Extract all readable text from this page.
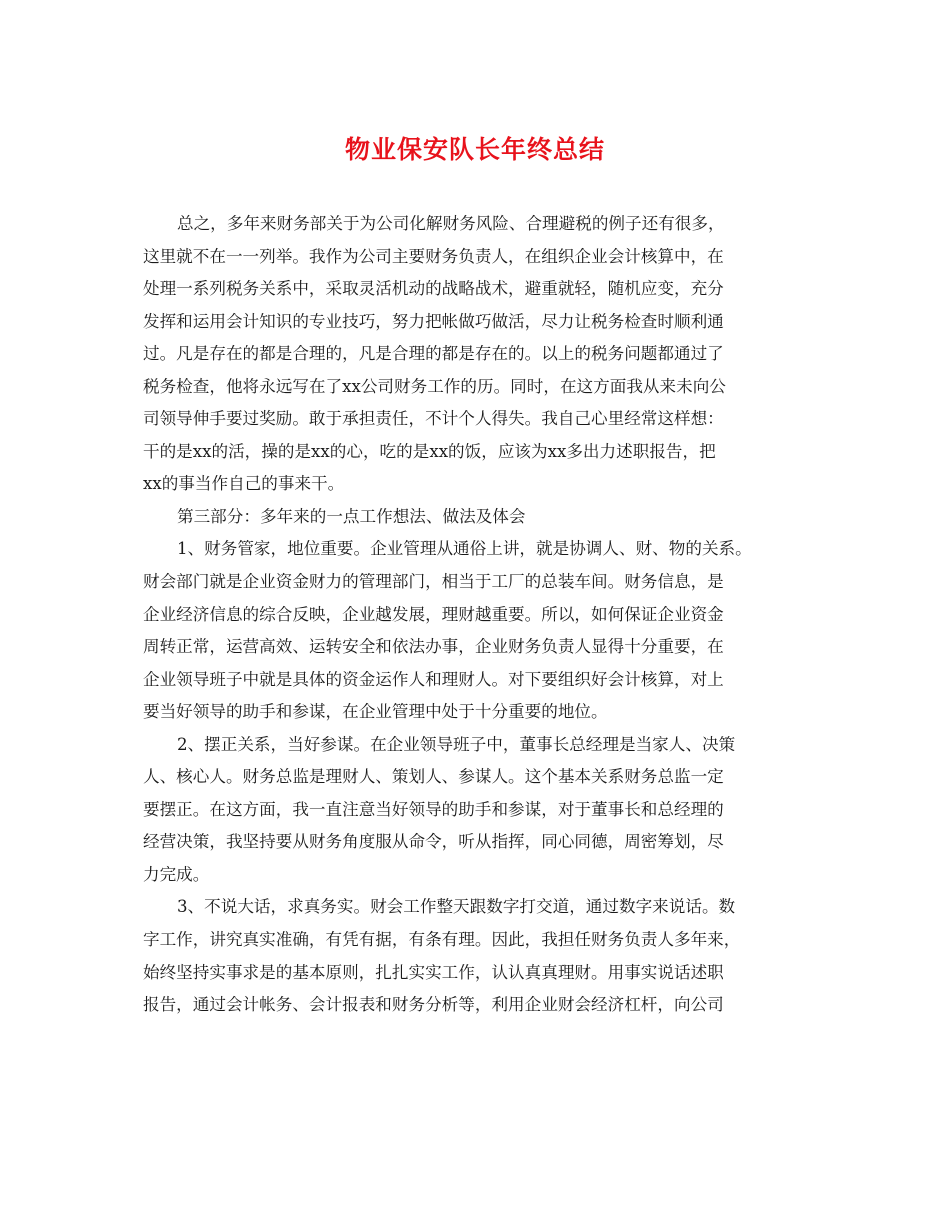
物业保安队长年终总结
总之，多年来财务部关于为公司化解财务风险、合理避税的例子还有很多，
这里就不在一一列举。我作为公司主要财务负责人，在组织企业会计核算中，在
处理一系列税务关系中，采取灵活机动的战略战术，避重就轻，随机应变，充分
发挥和运用会计知识的专业技巧，努力把帐做巧做活，尽力让税务检查时顺利通
过。凡是存在的都是合理的，凡是合理的都是存在的。以上的税务问题都通过了
税务检查，他将永远写在了xx公司财务工作的历。同时，在这方面我从来未向公
司领导伸手要过奖励。敢于承担责任，不计个人得失。我自己心里经常这样想：
干的是xx的活，操的是xx的心，吃的是xx的饭，应该为xx多出力述职报告，把
xx的事当作自己的事来干。
第三部分：多年来的一点工作想法、做法及体会
1、财务管家，地位重要。企业管理从通俗上讲，就是协调人、财、物的关系。
财会部门就是企业资金财力的管理部门，相当于工厂的总装车间。财务信息，是
企业经济信息的综合反映，企业越发展，理财越重要。所以，如何保证企业资金
周转正常，运营高效、运转安全和依法办事，企业财务负责人显得十分重要，在
企业领导班子中就是具体的资金运作人和理财人。对下要组织好会计核算，对上
要当好领导的助手和参谋，在企业管理中处于十分重要的地位。
2、摆正关系，当好参谋。在企业领导班子中，董事长总经理是当家人、决策
人、核心人。财务总监是理财人、策划人、参谋人。这个基本关系财务总监一定
要摆正。在这方面，我一直注意当好领导的助手和参谋，对于董事长和总经理的
经营决策，我坚持要从财务角度服从命令，听从指挥，同心同德，周密筹划，尽
力完成。
3、不说大话，求真务实。财会工作整天跟数字打交道，通过数字来说话。数
字工作，讲究真实准确，有凭有据，有条有理。因此，我担任财务负责人多年来，
始终坚持实事求是的基本原则，扎扎实实工作，认认真真理财。用事实说话述职
报告，通过会计帐务、会计报表和财务分析等，利用企业财会经济杠杆，向公司
